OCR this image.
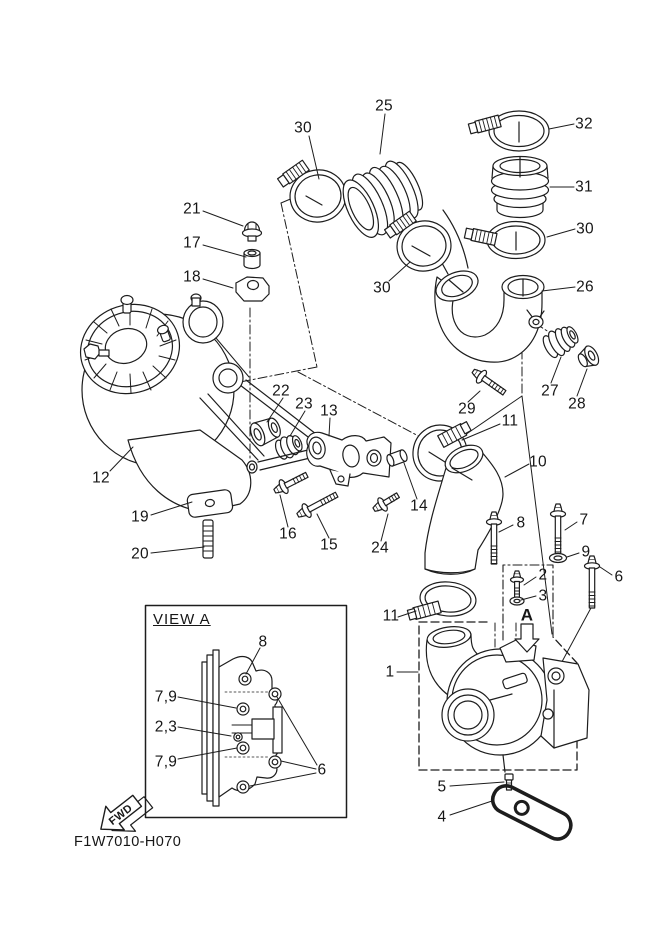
30
25
32
31
30
26
21
17
18
30
29
27
28
22
23 13
11
10
12
19
14
16
15 24
20
8	7
9
6
2
3
11
1
5
4
A
VIEW A
8
7,9
2,3
7,9	6
FWD
F1W7010-H070
